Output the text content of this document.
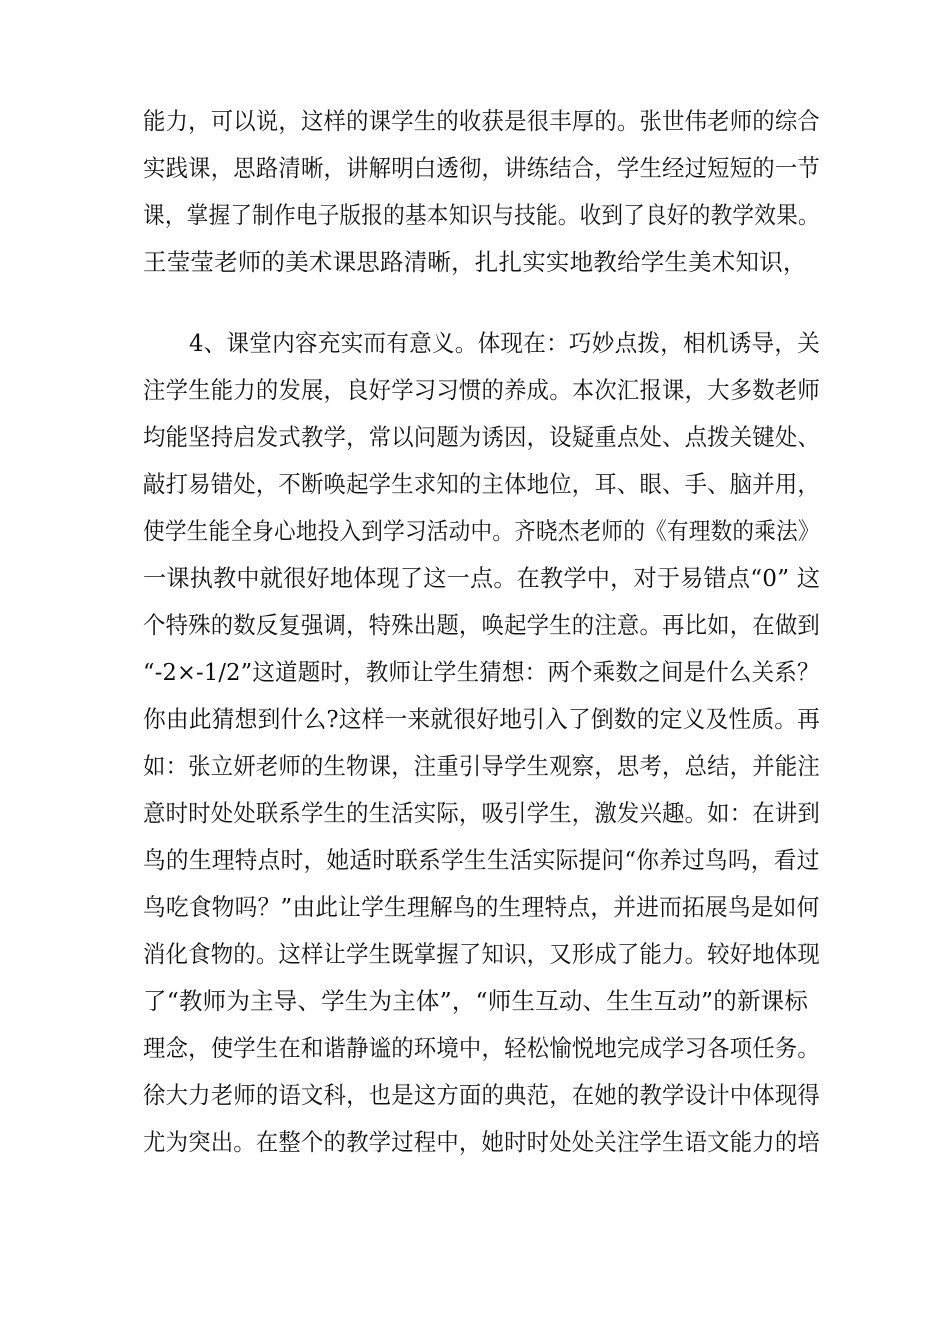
能力，可以说，这样的课学生的收获是很丰厚的。张世伟老师的综合
实践课，思路清晰，讲解明白透彻，讲练结合，学生经过短短的一节
课，掌握了制作电子版报的基本知识与技能。收到了良好的教学效果。
王莹莹老师的美术课思路清晰，扎扎实实地教给学生美术知识，
4、课堂内容充实而有意义。体现在：巧妙点拨，相机诱导，关
注学生能力的发展，良好学习习惯的养成。本次汇报课，大多数老师
均能坚持启发式教学，常以问题为诱因，设疑重点处、点拨关键处、
敲打易错处，不断唤起学生求知的主体地位，耳、眼、手、脑并用，
使学生能全身心地投入到学习活动中。齐晓杰老师的《有理数的乘法》
一课执教中就很好地体现了这一点。在教学中，对于易错点“0” 这
个特殊的数反复强调，特殊出题，唤起学生的注意。再比如，在做到
“-2×-1/2”这道题时，教师让学生猜想：两个乘数之间是什么关系？
你由此猜想到什么?这样一来就很好地引入了倒数的定义及性质。再
如：张立妍老师的生物课，注重引导学生观察，思考，总结，并能注
意时时处处联系学生的生活实际，吸引学生，激发兴趣。如：在讲到
鸟的生理特点时，她适时联系学生生活实际提问“你养过鸟吗，看过
鸟吃食物吗？”由此让学生理解鸟的生理特点，并进而拓展鸟是如何
消化食物的。这样让学生既掌握了知识，又形成了能力。较好地体现
了“教师为主导、学生为主体”，“师生互动、生生互动”的新课标
理念，使学生在和谐静谧的环境中，轻松愉悦地完成学习各项任务。
徐大力老师的语文科，也是这方面的典范，在她的教学设计中体现得
尤为突出。在整个的教学过程中，她时时处处关注学生语文能力的培
